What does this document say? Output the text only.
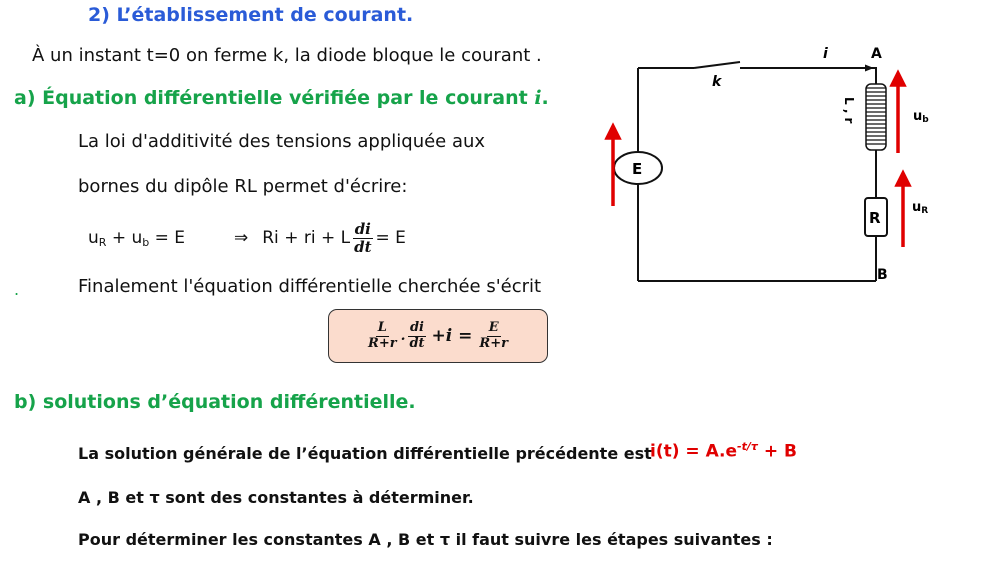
2) L’établissement de courant.
À un instant t=0 on ferme k, la diode bloque le courant .
a) Équation différentielle vérifiée par le courant i.
La loi d'additivité des tensions appliquée aux
bornes du dipôle RL permet d'écrire:
uR + ub = E	⇒ Ri + ri + L $\frac{di}{dt} = E$
.	Finalement l'équation différentielle cherchée s'écrit
$\frac{L}{R+r}$ . $\frac{di}{dt} +i = \frac{E}{R+r}$
b) solutions d’équation différentielle.
La solution générale de l’équation différentielle précédente est
$i(t) = A.e^{-t/\tau} + B$
A , B et τ sont des constantes à déterminer.
Pour déterminer les constantes A , B et τ il faut suivre les étapes suivantes :
i	A
k
E
R
B
L , r	ub
uR
